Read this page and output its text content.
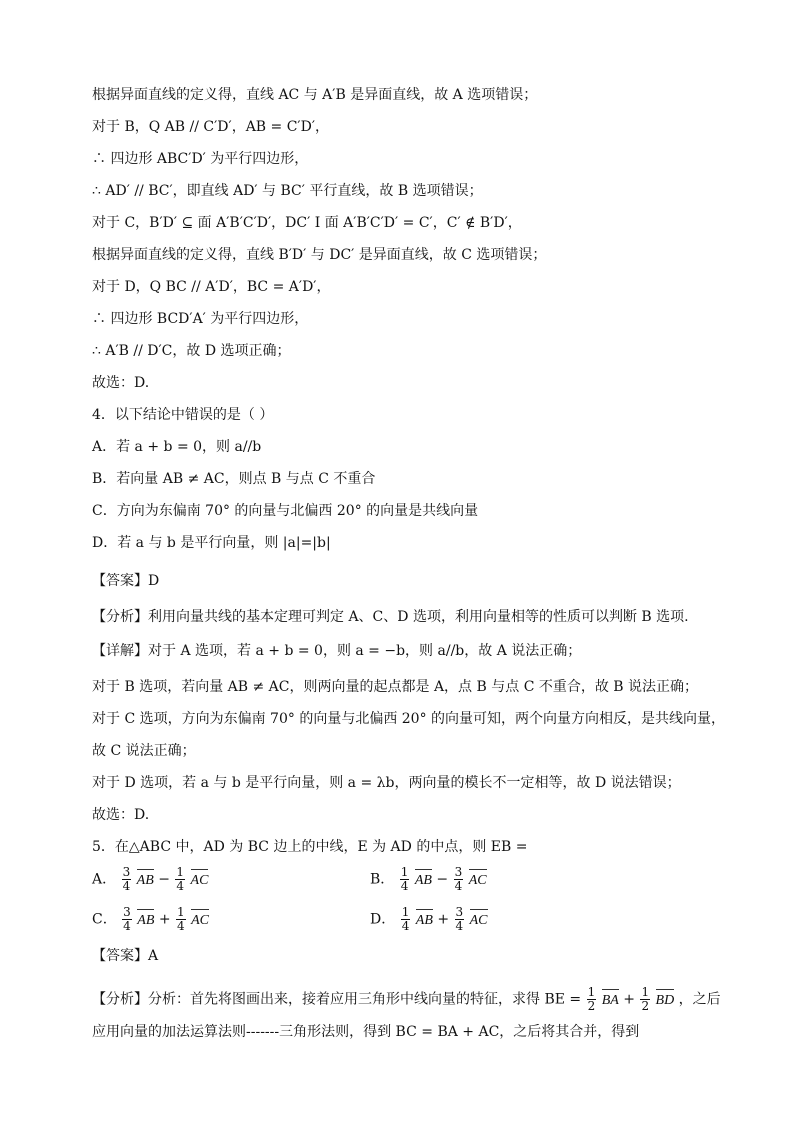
根据异面直线的定义得，直线 AC 与 A′B 是异面直线，故 A 选项错误；
对于 B，Q AB // C′D′，AB = C′D′，
∴ 四边形 ABC′D′ 为平行四边形，
∴ AD′ // BC′，即直线 AD′ 与 BC′ 平行直线，故 B 选项错误；
对于 C，B′D′ ⊆ 面 A′B′C′D′，DC′ I 面 A′B′C′D′ = C′，C′ ∉ B′D′，
根据异面直线的定义得，直线 B′D′ 与 DC′ 是异面直线，故 C 选项错误；
对于 D，Q BC // A′D′，BC = A′D′，
∴ 四边形 BCD′A′ 为平行四边形，
∴ A′B // D′C，故 D 选项正确；
故选：D.
4．以下结论中错误的是（ ）
A．若 a + b = 0，则 a//b
B．若向量 AB ≠ AC，则点 B 与点 C 不重合
C．方向为东偏南 70° 的向量与北偏西 20° 的向量是共线向量
D．若 a 与 b 是平行向量，则 |a|=|b|
【答案】D
【分析】利用向量共线的基本定理可判定 A、C、D 选项，利用向量相等的性质可以判断 B 选项.
【详解】对于 A 选项，若 a + b = 0，则 a = −b，则 a//b，故 A 说法正确；
对于 B 选项，若向量 AB ≠ AC，则两向量的起点都是 A，点 B 与点 C 不重合，故 B 说法正确；
对于 C 选项，方向为东偏南 70° 的向量与北偏西 20° 的向量可知，两个向量方向相反，是共线向量，
故 C 说法正确；
对于 D 选项，若 a 与 b 是平行向量，则 a = λb，两向量的模长不一定相等，故 D 说法错误；
故选：D.
5．在△ABC 中，AD 为 BC 边上的中线，E 为 AD 的中点，则 EB =
A． $\frac{3}{4}$ AB − $\frac{1}{4}$ AC	B． $\frac{1}{4}$ AB − $\frac{3}{4}$ AC
C． $\frac{3}{4}$ AB + $\frac{1}{4}$ AC	D． $\frac{1}{4}$ AB + $\frac{3}{4}$ AC
【答案】A
【分析】分析：首先将图画出来，接着应用三角形中线向量的特征，求得 BE = $\frac{1}{2}$ BA + $\frac{1}{2}$ BD ，之后
应用向量的加法运算法则-------三角形法则，得到 BC = BA + AC，之后将其合并，得到
